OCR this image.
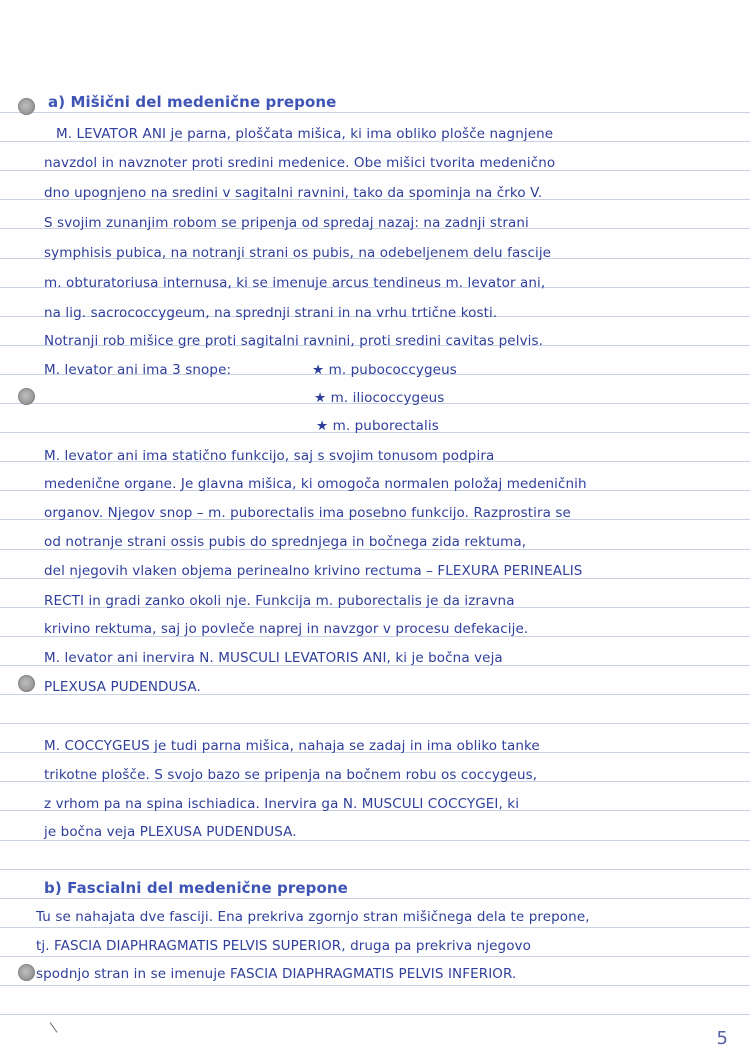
a) Mišični del medenične prepone
M. LEVATOR ANI je parna, ploščata mišica, ki ima obliko plošče nagnjene
navzdol in navznoter proti sredini medenice. Obe mišici tvorita medenično
dno upognjeno na sredini v sagitalni ravnini, tako da spominja na črko V.
S svojim zunanjim robom se pripenja od spredaj nazaj: na zadnji strani
symphisis pubica, na notranji strani os pubis, na odebeljenem delu fascije
m. obturatoriusa internusa, ki se imenuje arcus tendineus m. levator ani,
na lig. sacrococcygeum, na sprednji strani in na vrhu trtične kosti.
Notranji rob mišice gre proti sagitalni ravnini, proti sredini cavitas pelvis.
M. levator ani ima 3 snope:	★ m. pubococcygeus
★ m. iliococcygeus
★ m. puborectalis
M. levator ani ima statično funkcijo, saj s svojim tonusom podpira
medenične organe. Je glavna mišica, ki omogoča normalen položaj medeničnih
organov. Njegov snop – m. puborectalis ima posebno funkcijo. Razprostira se
od notranje strani ossis pubis do sprednjega in bočnega zida rektuma,
del njegovih vlaken objema perinealno krivino rectuma – FLEXURA PERINEALIS
RECTI in gradi zanko okoli nje. Funkcija m. puborectalis je da izravna
krivino rektuma, saj jo povleče naprej in navzgor v procesu defekacije.
M. levator ani inervira N. MUSCULI LEVATORIS ANI, ki je bočna veja
PLEXUSA PUDENDUSA.
M. COCCYGEUS je tudi parna mišica, nahaja se zadaj in ima obliko tanke
trikotne plošče. S svojo bazo se pripenja na bočnem robu os coccygeus,
z vrhom pa na spina ischiadica. Inervira ga N. MUSCULI COCCYGEI, ki
je bočna veja PLEXUSA PUDENDUSA.
b) Fascialni del medenične prepone
Tu se nahajata dve fasciji. Ena prekriva zgornjo stran mišičnega dela te prepone,
tj. FASCIA DIAPHRAGMATIS PELVIS SUPERIOR, druga pa prekriva njegovo
spodnjo stran in se imenuje FASCIA DIAPHRAGMATIS PELVIS INFERIOR.
5
